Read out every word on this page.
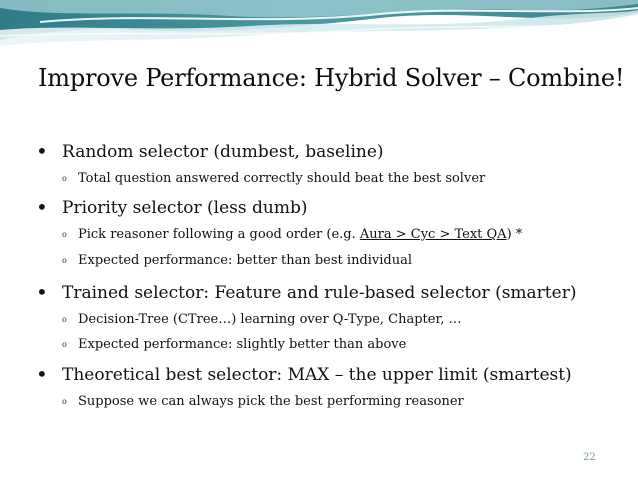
Improve Performance: Hybrid Solver – Combine!
• Random selector (dumbest, baseline)
o Total question answered correctly should beat the best solver
• Priority selector (less dumb)
o Pick reasoner following a good order (e.g. Aura > Cyc > Text QA) *
o Expected performance: better than best individual
• Trained selector: Feature and rule-based selector (smarter)
o Decision-Tree (CTree…) learning over Q-Type, Chapter, …
o Expected performance: slightly better than above
• Theoretical best selector: MAX – the upper limit (smartest)
o Suppose we can always pick the best performing reasoner
22
